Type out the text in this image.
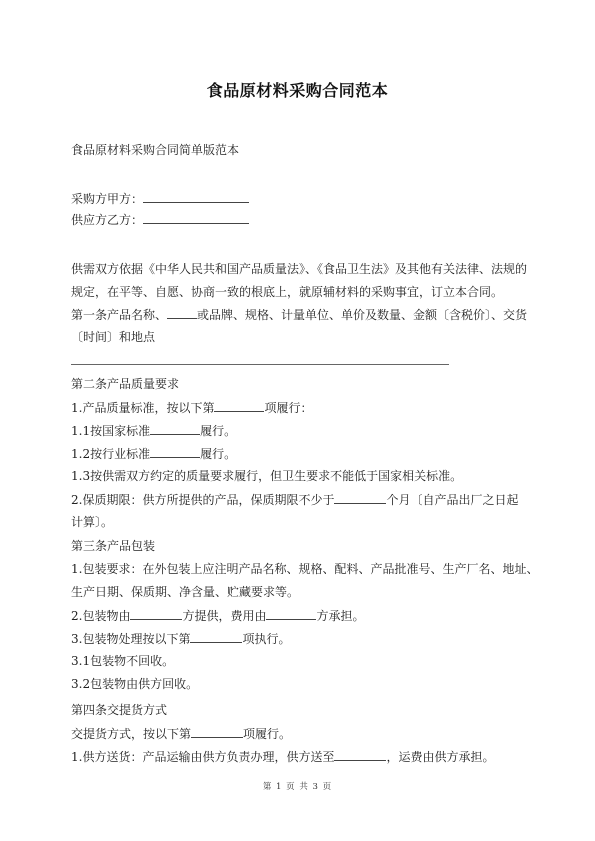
食品原材料采购合同范本
食品原材料采购合同简单版范本
采购方甲方：
供应方乙方：
供需双方依据《中华人民共和国产品质量法》、《食品卫生法》及其他有关法律、法规的
规定，在平等、自愿、协商一致的根底上，就原辅材料的采购事宜，订立本合同。
第一条产品名称、	或品牌、规格、计量单位、单价及数量、金额〔含税价〕、交货
〔时间〕和地点
第二条产品质量要求
1.产品质量标准，按以下第	项履行：
1.1按国家标准	履行。
1.2按行业标准	履行。
1.3按供需双方约定的质量要求履行，但卫生要求不能低于国家相关标准。
2.保质期限：供方所提供的产品，保质期限不少于	个月〔自产品出厂之日起
计算〕。
第三条产品包装
1.包装要求：在外包装上应注明产品名称、规格、配料、产品批准号、生产厂名、地址、
生产日期、保质期、净含量、贮藏要求等。
2.包装物由	方提供，费用由	方承担。
3.包装物处理按以下第	项执行。
3.1包装物不回收。
3.2包装物由供方回收。
第四条交提货方式
交提货方式，按以下第	项履行。
1.供方送货：产品运输由供方负责办理，供方送至	，运费由供方承担。
第 1 页 共 3 页
